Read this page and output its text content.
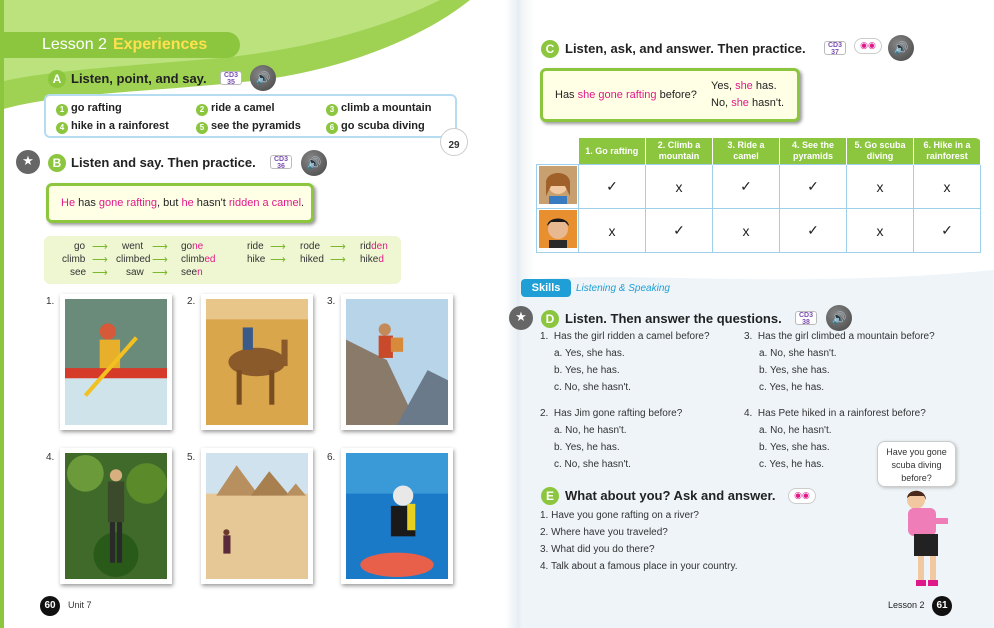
Lesson 2 Experiences
A Listen, point, and say.	CD3
35	🔊
1 go rafting	2 ride a camel	3 climb a mountain
4 hike in a rainforest	5 see the pyramids	6 go scuba diving
29
★	B Listen and say. Then practice.	CD3
36	🔊
He has gone rafting, but he hasn't ridden a camel.
go ⟶ went ⟶ gone
climb ⟶ climbed ⟶ climbed
see ⟶ saw ⟶ seen
ride ⟶ rode ⟶ ridden
hike ⟶ hiked ⟶ hiked
1.	2.	3.
4.	5.	6.
60	Unit 7
C Listen, ask, and answer. Then practice.	CD3
37
◉◉	🔊
Has she gone rafting before?
Yes, she has.
No, she hasn't.
	1. Go rafting	2. Climb a mountain	3. Ride a camel	4. See the pyramids	5. Go scuba diving	6. Hike in a rainforest
	✓	x	✓	✓	x	x
	x	✓	x	✓	x	✓
Skills	Listening & Speaking
★	D Listen. Then answer the questions.	CD3
38	🔊
1. Has the girl ridden a camel before?
a. Yes, she has.
b. Yes, he has.
c. No, she hasn't.
2. Has Jim gone rafting before?
a. No, he hasn't.
b. Yes, he has.
c. No, she hasn't.
3. Has the girl climbed a mountain before?
a. No, she hasn't.
b. Yes, she has.
c. Yes, he has.
4. Has Pete hiked in a rainforest before?
a. No, he hasn't.
b. Yes, she has.
c. Yes, he has.
E What about you? Ask and answer.	◉◉
1. Have you gone rafting on a river?
2. Where have you traveled?
3. What did you do there?
4. Talk about a famous place in your country.
Have you gone
scuba diving
before?
Lesson 2	61
